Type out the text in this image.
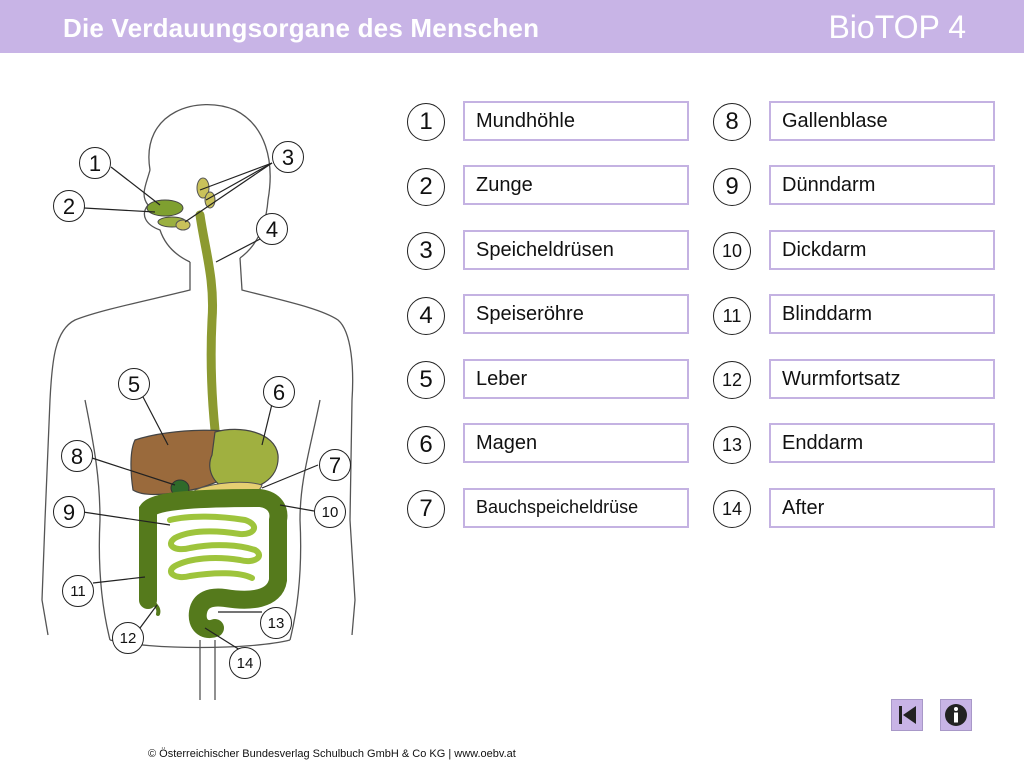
Die Verdauungsorgane des Menschen	BioTOP 4
1
2
3
4
5	6
7
8
9	10
11
12
13
14
1	Mundhöhle
2	Zunge
3	Speicheldrüsen
4	Speiseröhre
5	Leber
6	Magen
7	Bauchspeicheldrüse
8	Gallenblase
9	Dünndarm
10	Dickdarm
11	Blinddarm
12	Wurmfortsatz
13	Enddarm
14	After
© Österreichischer Bundesverlag Schulbuch GmbH & Co KG | www.oebv.at
